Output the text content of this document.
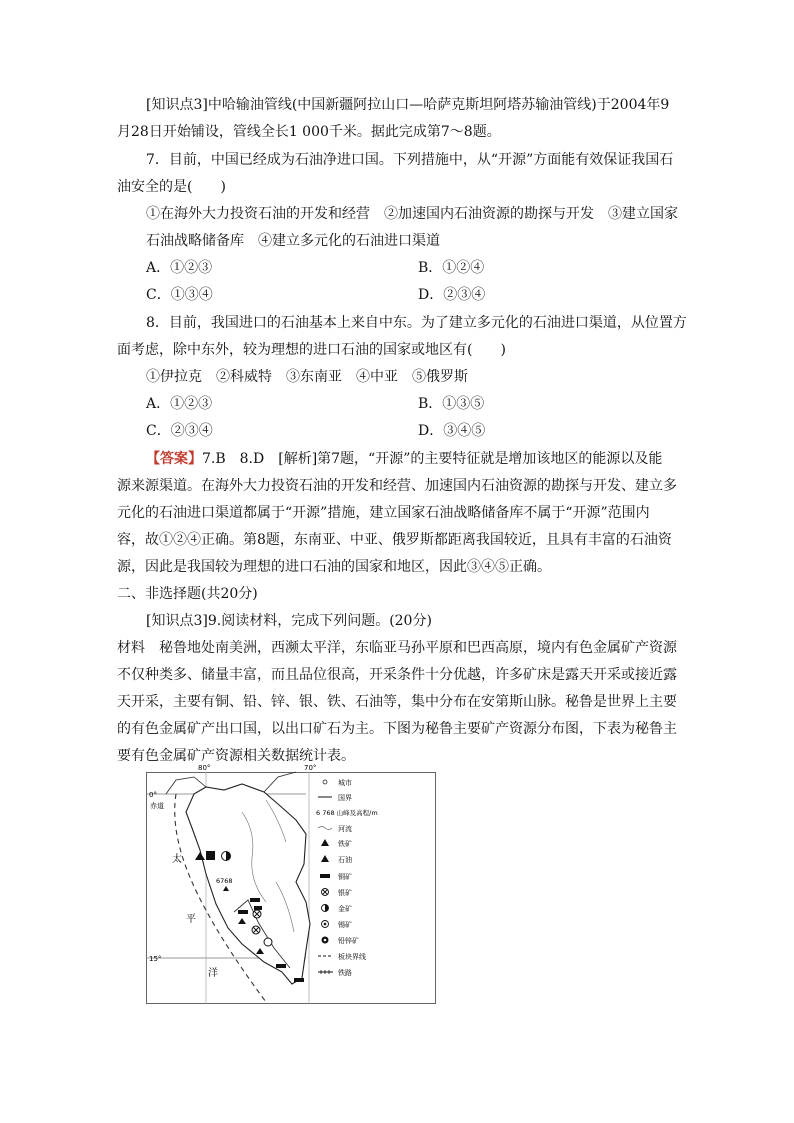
[知识点3]中哈输油管线(中国新疆阿拉山口—哈萨克斯坦阿塔苏输油管线)于2004年9
月28日开始铺设，管线全长1 000千米。据此完成第7～8题。
7．目前，中国已经成为石油净进口国。下列措施中，从“开源”方面能有效保证我国石
油安全的是(　　)
①在海外大力投资石油的开发和经营　②加速国内石油资源的勘探与开发　③建立国家
石油战略储备库　④建立多元化的石油进口渠道
A．①②③	B．①②④
C．①③④	D．②③④
8．目前，我国进口的石油基本上来自中东。为了建立多元化的石油进口渠道，从位置方
面考虑，除中东外，较为理想的进口石油的国家或地区有(　　)
①伊拉克　②科威特　③东南亚　④中亚　⑤俄罗斯
A．①②③	B．①③⑤
C．②③④	D．③④⑤
【答案】7.B　8.D　[解析]第7题，“开源”的主要特征就是增加该地区的能源以及能
源来源渠道。在海外大力投资石油的开发和经营、加速国内石油资源的勘探与开发、建立多
元化的石油进口渠道都属于“开源”措施，建立国家石油战略储备库不属于“开源”范围内
容，故①②④正确。第8题，东南亚、中亚、俄罗斯都距离我国较近，且具有丰富的石油资
源，因此是我国较为理想的进口石油的国家和地区，因此③④⑤正确。
二、非选择题(共20分)
[知识点3]9.阅读材料，完成下列问题。(20分)
材料　秘鲁地处南美洲，西濒太平洋，东临亚马孙平原和巴西高原，境内有色金属矿产资源
不仅种类多、储量丰富，而且品位很高，开采条件十分优越，许多矿床是露天开采或接近露
天开采，主要有铜、铅、锌、银、铁、石油等，集中分布在安第斯山脉。秘鲁是世界上主要
的有色金属矿产出口国，以出口矿石为主。下图为秘鲁主要矿产资源分布图，下表为秘鲁主
要有色金属矿产资源相关数据统计表。
80°	70°
0°
15°
赤道
太
平
洋
6768
城市
国界
6 768 山峰及高程/m
河流
铁矿
石油
铜矿
银矿
金矿
锡矿
铅锌矿
板块界线
铁路
